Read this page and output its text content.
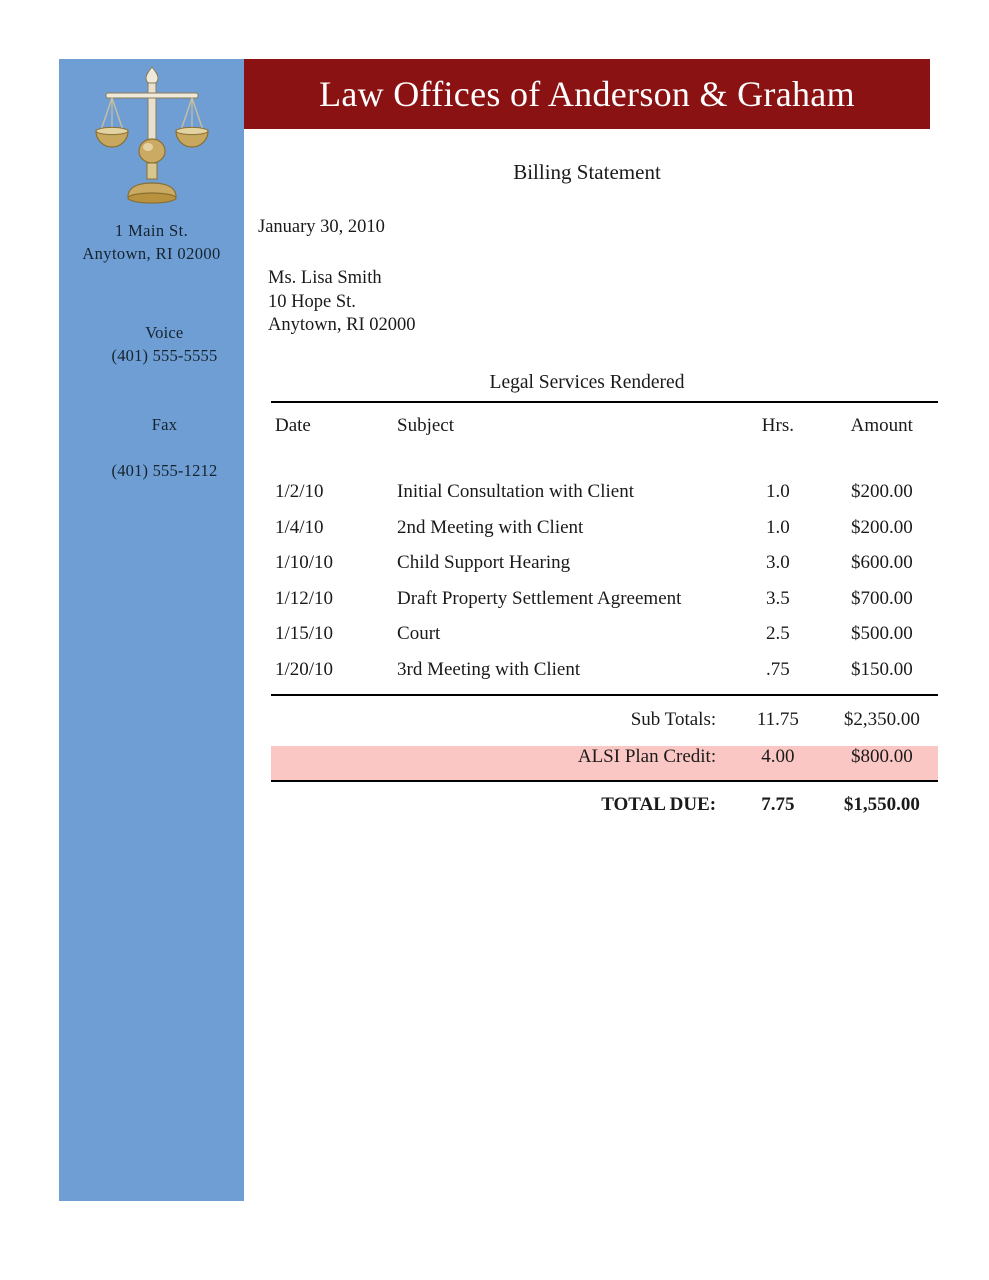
1 Main St.
Anytown, RI 02000

Voice
(401) 555-5555

Fax

(401) 555-1212

Law Offices of Anderson & Graham
Billing Statement
January 30, 2010
Ms. Lisa Smith
10 Hope St.
Anytown, RI 02000
Legal Services Rendered
Date	Subject	Hrs.	Amount

1/2/10	Initial Consultation with Client	1.0	$200.00
1/4/10	2nd Meeting with Client	1.0	$200.00
1/10/10	Child Support Hearing	3.0	$600.00
1/12/10	Draft Property Settlement Agreement	3.5	$700.00
1/15/10	Court	2.5	$500.00
1/20/10	3rd Meeting with Client	.75	$150.00
	Sub Totals:	11.75	$2,350.00
	ALSI Plan Credit:	4.00	$800.00
	TOTAL DUE:	7.75	$1,550.00
